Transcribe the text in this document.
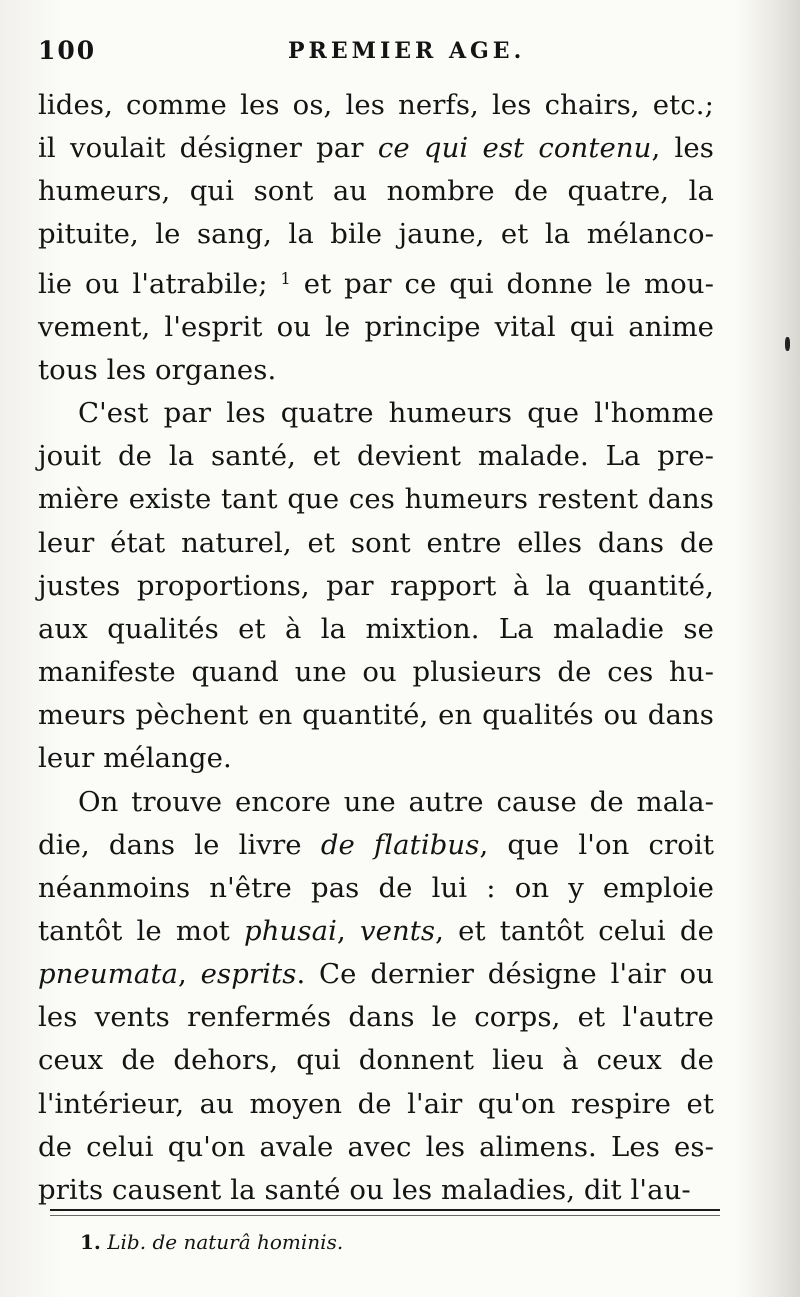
100	PREMIER AGE.
lides, comme les os, les nerfs, les chairs, etc.;
il voulait désigner par ce qui est contenu, les
humeurs, qui sont au nombre de quatre, la
pituite, le sang, la bile jaune, et la mélanco-
lie ou l'atrabile; $^1$ et par ce qui donne le mou-
vement, l'esprit ou le principe vital qui anime
tous les organes.
C'est par les quatre humeurs que l'homme
jouit de la santé, et devient malade. La pre-
mière existe tant que ces humeurs restent dans
leur état naturel, et sont entre elles dans de
justes proportions, par rapport à la quantité,
aux qualités et à la mixtion. La maladie se
manifeste quand une ou plusieurs de ces hu-
meurs pèchent en quantité, en qualités ou dans
leur mélange.
On trouve encore une autre cause de mala-
die, dans le livre de flatibus, que l'on croit
néanmoins n'être pas de lui : on y emploie
tantôt le mot phusai, vents, et tantôt celui de
pneumata, esprits. Ce dernier désigne l'air ou
les vents renfermés dans le corps, et l'autre
ceux de dehors, qui donnent lieu à ceux de
l'intérieur, au moyen de l'air qu'on respire et
de celui qu'on avale avec les alimens. Les es-
prits causent la santé ou les maladies, dit l'au-
1. Lib. de naturâ hominis.
